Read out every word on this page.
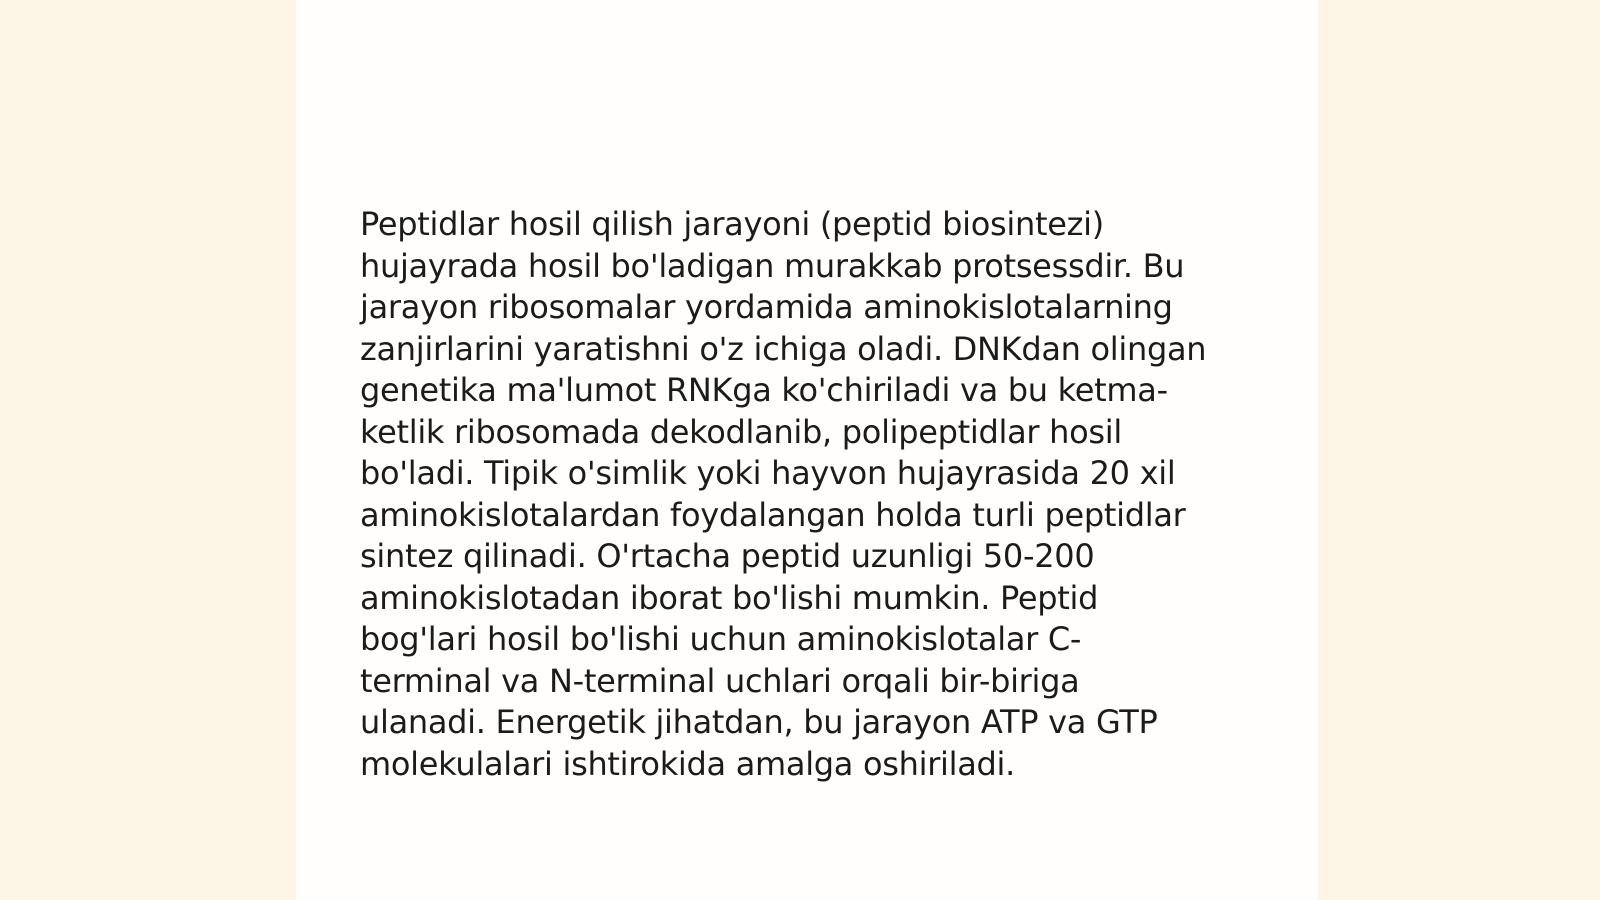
Peptidlar hosil qilish jarayoni (peptid biosintezi)
hujayrada hosil bo'ladigan murakkab protsessdir. Bu
jarayon ribosomalar yordamida aminokislotalarning
zanjirlarini yaratishni o'z ichiga oladi. DNKdan olingan
genetika ma'lumot RNKga ko'chiriladi va bu ketma-
ketlik ribosomada dekodlanib, polipeptidlar hosil
bo'ladi. Tipik o'simlik yoki hayvon hujayrasida 20 xil
aminokislotalardan foydalangan holda turli peptidlar
sintez qilinadi. O'rtacha peptid uzunligi 50-200
aminokislotadan iborat bo'lishi mumkin. Peptid
bog'lari hosil bo'lishi uchun aminokislotalar C-
terminal va N-terminal uchlari orqali bir-biriga
ulanadi. Energetik jihatdan, bu jarayon ATP va GTP
molekulalari ishtirokida amalga oshiriladi.
